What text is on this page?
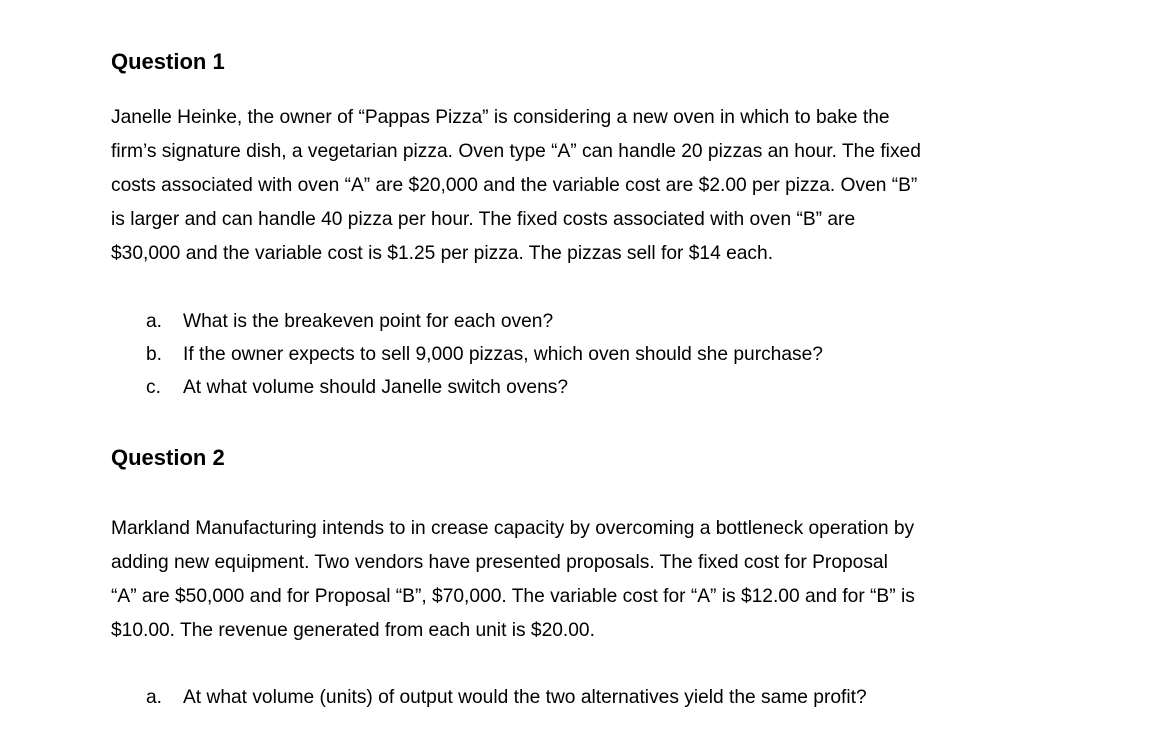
Question 1

Janelle Heinke, the owner of “Pappas Pizza” is considering a new oven in which to bake the
firm’s signature dish, a vegetarian pizza. Oven type “A” can handle 20 pizzas an hour. The fixed
costs associated with oven “A” are $20,000 and the variable cost are $2.00 per pizza. Oven “B”
is larger and can handle 40 pizza per hour. The fixed costs associated with oven “B” are
$30,000 and the variable cost is $1.25 per pizza. The pizzas sell for $14 each.

a. What is the breakeven point for each oven?
b. If the owner expects to sell 9,000 pizzas, which oven should she purchase?
c. At what volume should Janelle switch ovens?
Question 2

Markland Manufacturing intends to in crease capacity by overcoming a bottleneck operation by
adding new equipment. Two vendors have presented proposals. The fixed cost for Proposal
“A” are $50,000 and for Proposal “B”, $70,000. The variable cost for “A” is $12.00 and for “B” is
$10.00. The revenue generated from each unit is $20.00.

a. At what volume (units) of output would the two alternatives yield the same profit?
